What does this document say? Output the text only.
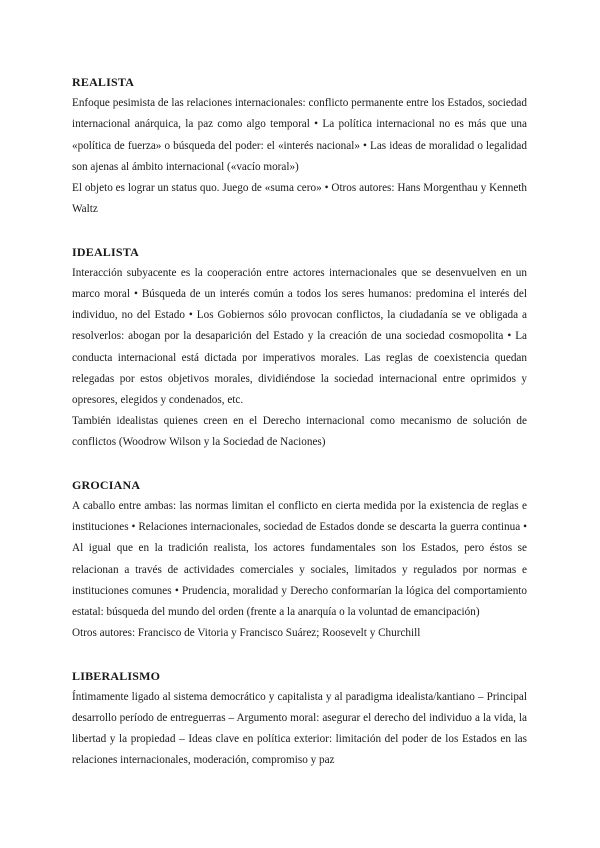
REALISTA

Enfoque pesimista de las relaciones internacionales: conflicto permanente entre los Estados, sociedad internacional anárquica, la paz como algo temporal • La política internacional no es más que una «política de fuerza» o búsqueda del poder: el «interés nacional» • Las ideas de moralidad o legalidad son ajenas al ámbito internacional («vacío moral»)

El objeto es lograr un status quo. Juego de «suma cero» • Otros autores: Hans Morgenthau y Kenneth Waltz

IDEALISTA

Interacción subyacente es la cooperación entre actores internacionales que se desenvuelven en un marco moral • Búsqueda de un interés común a todos los seres humanos: predomina el interés del individuo, no del Estado • Los Gobiernos sólo provocan conflictos, la ciudadanía se ve obligada a resolverlos: abogan por la desaparición del Estado y la creación de una sociedad cosmopolita • La conducta internacional está dictada por imperativos morales. Las reglas de coexistencia quedan relegadas por estos objetivos morales, dividiéndose la sociedad internacional entre oprimidos y opresores, elegidos y condenados, etc.

También idealistas quienes creen en el Derecho internacional como mecanismo de solución de conflictos (Woodrow Wilson y la Sociedad de Naciones)

GROCIANA

A caballo entre ambas: las normas limitan el conflicto en cierta medida por la existencia de reglas e instituciones • Relaciones internacionales, sociedad de Estados donde se descarta la guerra continua • Al igual que en la tradición realista, los actores fundamentales son los Estados, pero éstos se relacionan a través de actividades comerciales y sociales, limitados y regulados por normas e instituciones comunes • Prudencia, moralidad y Derecho conformarían la lógica del comportamiento estatal: búsqueda del mundo del orden (frente a la anarquía o la voluntad de emancipación)

Otros autores: Francisco de Vitoria y Francisco Suárez; Roosevelt y Churchill

LIBERALISMO

Íntimamente ligado al sistema democrático y capitalista y al paradigma idealista/kantiano – Principal desarrollo período de entreguerras – Argumento moral: asegurar el derecho del individuo a la vida, la libertad y la propiedad – Ideas clave en política exterior: limitación del poder de los Estados en las relaciones internacionales, moderación, compromiso y paz
